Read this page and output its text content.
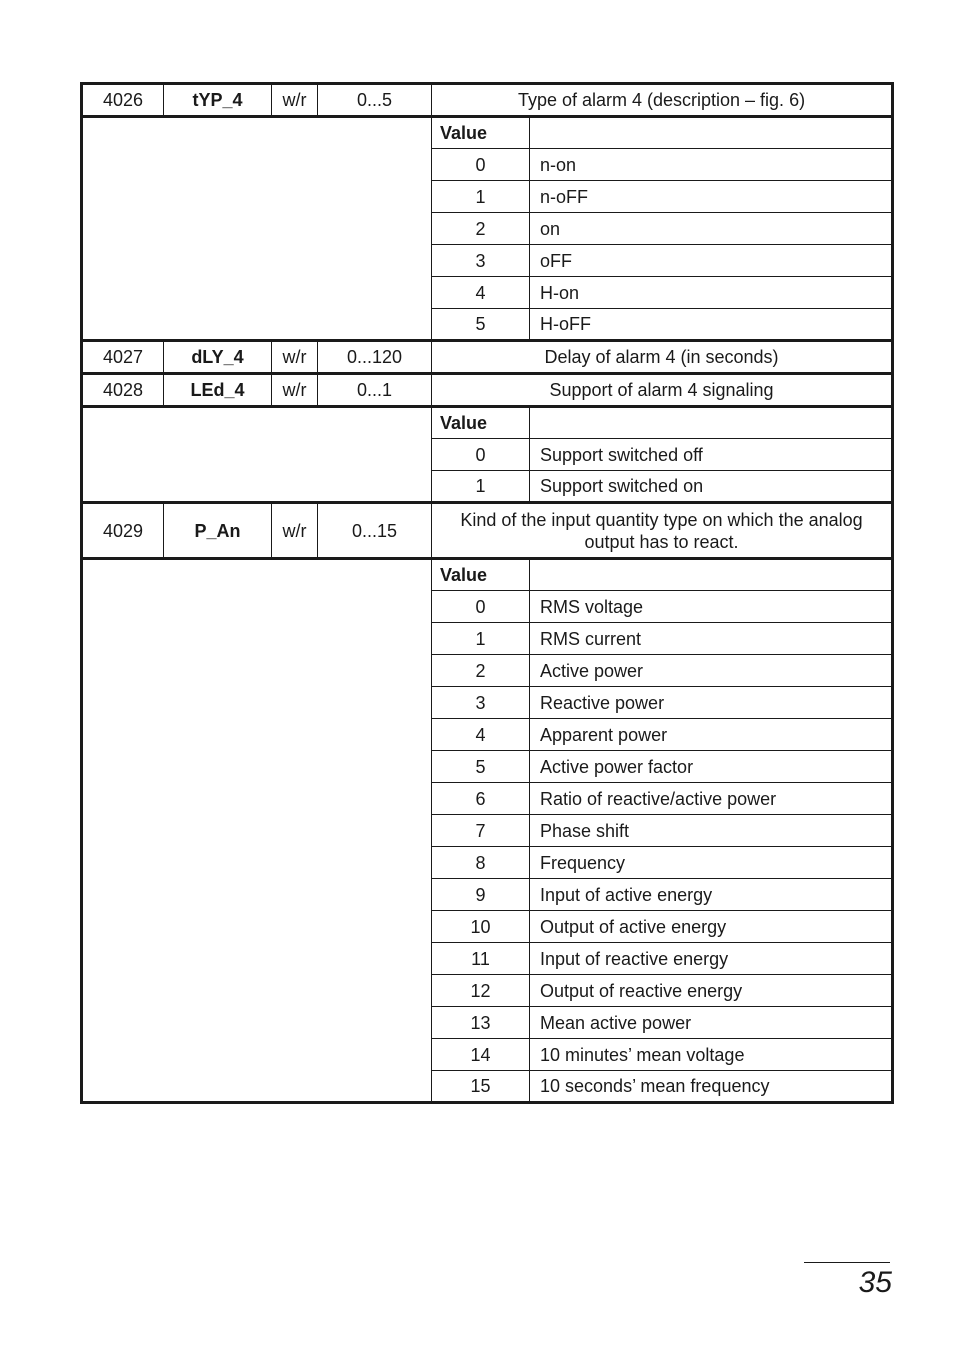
4026	tYP_4	w/r	0...5	Type of alarm 4 (description – fig. 6)	
				Value	
				0	n-on
				1	n-oFF
				2	on
				3	oFF
				4	H-on
				5	H-oFF
4027	dLY_4	w/r	0...120	Delay of alarm 4 (in seconds)	
4028	LEd_4	w/r	0...1	Support of alarm 4 signaling	
				Value	
				0	Support switched off
				1	Support switched on
4029	P_An	w/r	0...15	Kind of the input quantity type on which the analog output has to react.	
				Value	
				0	RMS voltage
				1	RMS current
				2	Active power
				3	Reactive power
				4	Apparent power
				5	Active power factor
				6	Ratio of reactive/active power
				7	Phase shift
				8	Frequency
				9	Input of active energy
				10	Output of active energy
				11	Input of reactive energy
				12	Output of reactive energy
				13	Mean active power
				14	10 minutes’ mean voltage
				15	10 seconds’ mean frequency
35
